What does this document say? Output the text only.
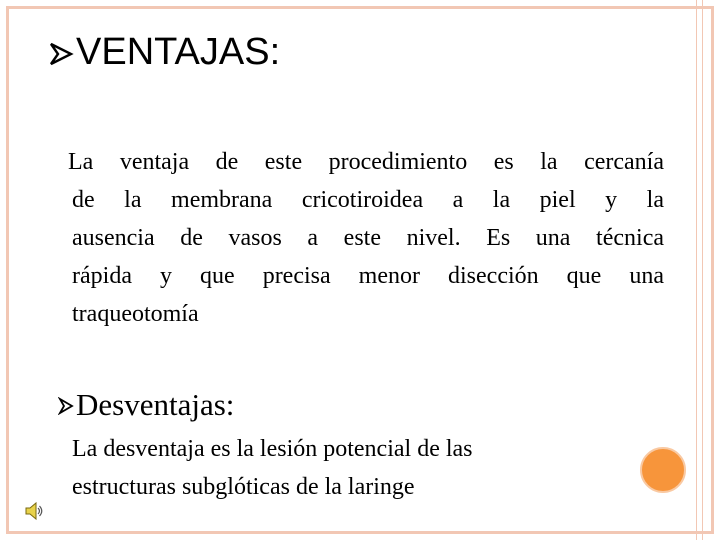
VENTAJAS:
La ventaja de este procedimiento es la cercanía
de la membrana cricotiroidea a la piel y la
ausencia de vasos a este nivel. Es una técnica
rápida y que precisa menor disección que una
traqueotomía
Desventajas:
La desventaja es la lesión potencial de las
estructuras subglóticas de la laringe
